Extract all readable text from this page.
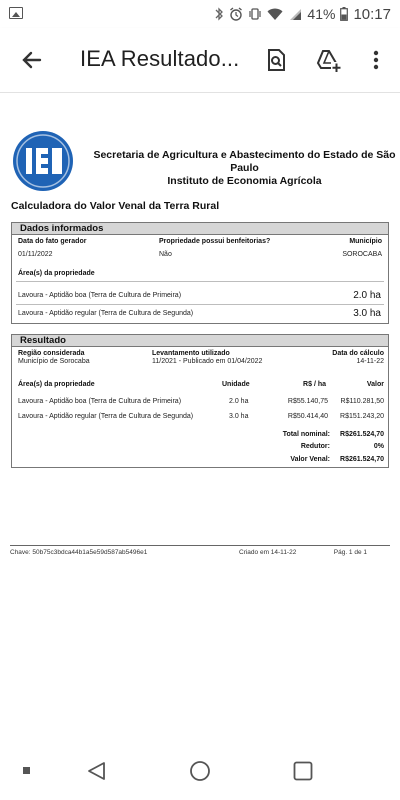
41% 10:17
IEA Resultado...
Secretaria de Agricultura e Abastecimento do Estado de São Paulo
Instituto de Economia Agrícola
Calculadora do Valor Venal da Terra Rural
Dados informados
Data do fato gerador
01/11/2022
Propriedade possui benfeitorias?
Não
Município
SOROCABA
Área(s) da propriedade
Lavoura - Aptidão boa (Terra de Cultura de Primeira)	2.0 ha
Lavoura - Aptidão regular (Terra de Cultura de Segunda)	3.0 ha
Resultado
Região considerada
Município de Sorocaba
Levantamento utilizado
11/2021 - Publicado em 01/04/2022
Data do cálculo
14-11-22
Área(s) da propriedade	Unidade	R$ / ha	Valor
Lavoura - Aptidão boa (Terra de Cultura de Primeira)	2.0 ha	R$55.140,75 R$110.281,50
Lavoura - Aptidão regular (Terra de Cultura de Segunda)	3.0 ha	R$50.414,40 R$151.243,20
Total nominal: R$261.524,70
Redutor:	0%
Valor Venal: R$261.524,70
Chave: 50b75c3bdca44b1a5e59d587ab5496e1	Criado em 14-11-22	Pág. 1 de 1
